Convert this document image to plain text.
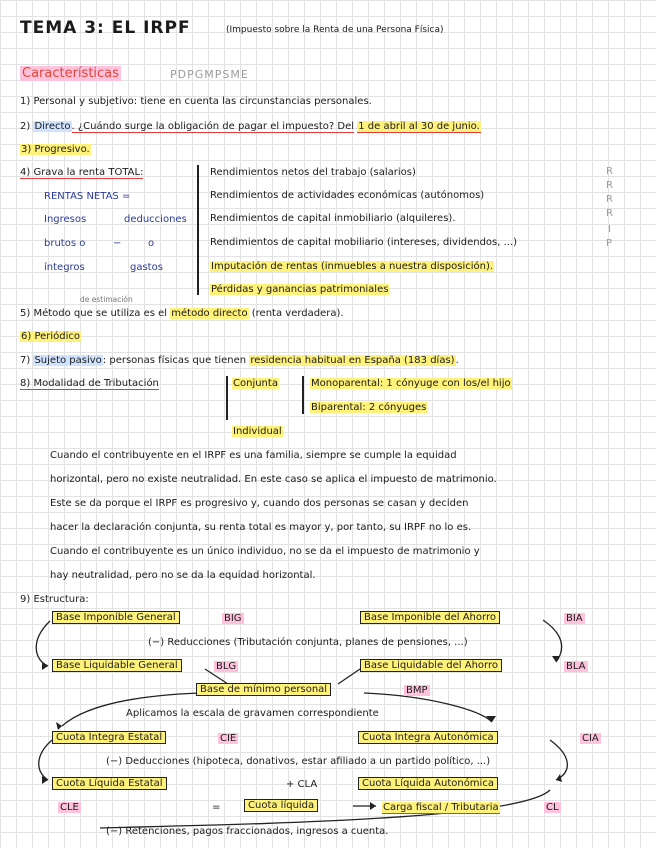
TEMA 3: EL IRPF	(Impuesto sobre la Renta de una Persona Física)
Características	PDPGMPSME
1) Personal y subjetivo: tiene en cuenta las circunstancias personales.
2) Directo. ¿Cuándo surge la obligación de pagar el impuesto? Del 1 de abril al 30 de junio.
3) Progresivo.
4) Grava la renta TOTAL:
RENTAS NETAS =
Ingresos
brutos o
íntegros
−
deducciones
o
gastos
de estimación
Rendimientos netos del trabajo (salarios)
Rendimientos de actividades económicas (autónomos)
Rendimientos de capital inmobiliario (alquileres).
Rendimientos de capital mobiliario (intereses, dividendos, ...)
Imputación de rentas (inmuebles a nuestra disposición).
Pérdidas y ganancias patrimoniales
R
R
R
R
I
P
5) Método que se utiliza es el método directo (renta verdadera).
6) Periódico
7) Sujeto pasivo: personas físicas que tienen residencia habitual en España (183 días).
8) Modalidad de Tributación	Conjunta	Monoparental: 1 cónyuge con los/el hijo
Biparental: 2 cónyuges
Individual
Cuando el contribuyente en el IRPF es una familia, siempre se cumple la equidad
horizontal, pero no existe neutralidad. En este caso se aplica el impuesto de matrimonio.
Este se da porque el IRPF es progresivo y, cuando dos personas se casan y deciden
hacer la declaración conjunta, su renta total es mayor y, por tanto, su IRPF no lo es.
Cuando el contribuyente es un único individuo, no se da el impuesto de matrimonio y
hay neutralidad, pero no se da la equidad horizontal.
9) Estructura:
Base Imponible General	BIG	Base Imponible del Ahorro	BIA
(−) Reducciones (Tributación conjunta, planes de pensiones, ...)
Base Liquidable General	BLG	Base Liquidable del Ahorro	BLA
Base de mínimo personal	BMP
Aplicamos la escala de gravamen correspondiente
Cuota Íntegra Estatal	CIE	Cuota Íntegra Autonómica	CIA
(−) Deducciones (hipoteca, donativos, estar afiliado a un partido político, ...)
Cuota Líquida Estatal	+ CLA	Cuota Líquida Autonómica
CLE	=	Cuota líquida	Carga fiscal / Tributaria	CL
(−) Retenciones, pagos fraccionados, ingresos a cuenta.
